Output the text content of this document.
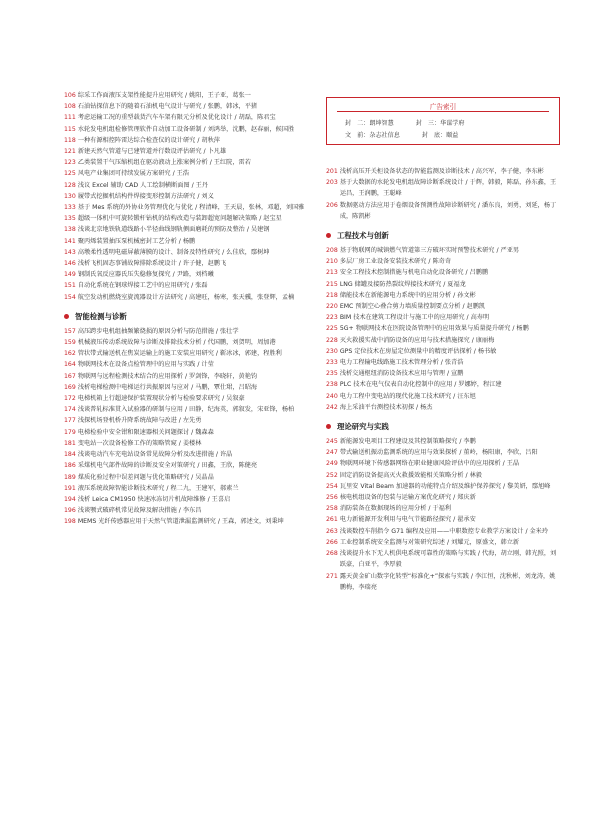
广告索引
封　二：朗坤智慧	封　三：华谋学府
文　前：杂志社信息	封　底：颐益
106 综采工作面液压支架性能提升应用研究 / 姚阳，王子亚，葛张一
108 石油钻探信息下的随着石油机电气设计与研究 / 张鹏，韩冰，平猪
111 考虑运输工况的重型载货汽车车架有限元分析及优化设计 / 胡磊，陈君宝
115 水轮发电机组检修管理软件自动加工设备研制 / 刘鸿举，沈鹏，赵春丽，候国胜
118 一种有源相控阵雷达综合检查仪的设计研究 / 胡秋萍
121 新建天然气管道与已建管道并行数设评估研究 / 卜凡雄
123 乙类装置干气压缩机组在驱动液动上涨案例分析 / 王红院，雷若
125 风电产业集团可持续发展方案研究 / 王浩
128 浅议 Excel 辅助 CAD 人工绘制横断面图 / 王丹
130 履带式挖掘机结构件焊接变形控制方法研究 / 刘义
133 基于 Mes 系统的外协业务管理优化与优化 / 程清峰，王天晨，张林，邓超，刘国雅
135 超级一体机中可旋转锻杆钻机的结构改造与装卸超宽问题解决策略 / 赵宝星
138 浅谈北京地铁轨道线路小半径曲线钢轨侧面磨耗的预防及整治 / 吴建钢
141 聚丙烯装置抽压泵机械密封工艺分析 / 杨鹏
143 高墩柔性透明电磁屏蔽薄膜的设计、制备及特性研究 / 么佳欣，鄢树坤
146 浅析飞机固态事铺故障排除系统设计 / 许子健，赵鹏飞
149 钢制氏氧反应器氏压失稳修复探究 / 尹路，刘档曦
151 自动化系统在钢球焊接工艺中的应用研究 / 张磊
154 航空发动机燃烧室旋流器设计方法研究 / 高建旺，杨寒，张天骥，张登辉，孟楠
智能检测与诊断
157 高压跨步电机组抽频繁烧损的原因分析与防范措施 / 张壮学
159 机械液压传动系统故障与诊断及排除技术分析 / 代国鹏，刘贺明，周加港
162 管状带式输送机在焦炭运输上的施工安装应用研究 / 靳冰冰，郭建，程胜利
164 物联网技术在设备点检管理中的应用与实践 / 计莹
167 物联网与远程检测技术结合的应用探析 / 罗剑锋，李晓轩，黄艳钧
169 浅析电梯检测中电梯运行共振原因与应对 / 马鹏，覃仕珺，吕昭海
172 电梯机箱上行超速保护装置现状分析与检验要求研究 / 吴叙豪
174 浅谈普轧标准贯入试验器的研制与应用 / 田静，纪海英，郭叙发，宋亚锋，杨柏
177 浅探机场登机桥升降系统故障与改进 / 左先勇
179 电梯检验中安全钳和限速器相关问题探讨 / 魏森森
181 变电站一次设备检修工作的策略管窥 / 姜楼林
184 浅谈电动汽车充电站设备常见故障分析及改进措施 / 许晶
186 采煤机电气部件故障的诊断及安全对策研究 / 田鑫，王欣，陈健亮
189 煤质化验过程中误差问题与优化策略研究 / 吴晶晶
191 液压系统故障智能诊断技术研究 / 程二九，王建军，郝素兰
194 浅析 Leica CM1950 快速冰冻切片机故障维修 / 王喜启
196 浅谈颚式破碎机常见故障及解决措施 / 李东昌
198 MEMS 光纤传感器应用于天然气管道泄漏监测研究 / 王森，郭述文，刘秉坤
201 浅析高压开关柜设备状态的智能监测及诊断技术 / 高兴军，李子健，李东彬
203 基于大数据的水轮发电机组故障诊断系统设计 / 于辉，韩毅，陈磊，孙东鑫，王运昌，王润鹏，王聪峰
206 数据驱动方法应用于卷烟设备预测性故障诊断研究 / 潘东良，刘勇，刘延，杨丁成，陈凯彬
工程技术与创新
208 基于物联网的城镇燃气管道第三方破坏实时预警技术研究 / 严亚男
210 多层厂房工业设备安装技术研究 / 陈奇奇
213 安全工程技术控制措施与机电自动化设备研究 / 吕鹏鹏
215 LNG 储罐及接防热裂纹焊接技术研究 / 夏福龙
218 储能技术在新能源电力系统中的应用分析 / 孙文彬
220 EMC 预制空心叠合剪力墙质量控制要点分析 / 赵鹏凯
223 BIM 技术在建筑工程设计与施工中的应用研究 / 高寿明
225 5G+ 物联网技术在医院设备管理中的应用效果与质量提升研究 / 杨鹏
228 灭火救援实战中消防设备的应用与技术措施探究 / 康丽梅
230 GPS 定位技术在房屋定位测量中的精度评估探析 / 杨书敏
233 电力工程输电线路施工技术管理分析 / 张青浩
235 浅析交通枢纽消防设备技术应用与管理 / 宣鹏
238 PLC 技术在电气仪表自动化控制中的应用 / 罗娜婷，程江建
240 电力工程中变电站的现代化施工技术研究 / 汪东旭
242 海上采油平台测控技术初探 / 杨杰
理论研究与实践
245 新能源发电项目工程建设及其控制策略探究 / 李鹏
247 带式输送机振动监测系统的应用与效果探析 / 董岭，杨阳康，李欣，吕阳
249 物联网环境下传感器网络在职业健康风险评估中的应用探析 / 王晶
252 固定消防设备提高灭火救援效能相关策略分析 / 林毅
254 瓦里安 Vital Beam 加速器的功能特点介绍及维护保养探究 / 黎美妍，鄢旭峰
256 核电机组设备的包装与运输方案优化研究 / 郑庆新
258 消防装备在数据现场的应用分析 / 于福利
261 电力新能源开发利用与电气节能路径探究 / 翟承安
263 浅谈数控车削指令 G71 编程及应用——中职数控专业教学方案设计 / 金米玲
266 工业控制系统安全监测与对策研究综述 / 刘耀元，原盛文，韩立新
268 浅谈提升水下无人机供电系统可靠性的策略与实践 / 代海，胡立刚，韩光照，刘跃豪，白亚平，李厚毅
271 露天黄金矿山数字化转型“标准化+”探索与实践 / 李江恒，沈秋彬，刘龙涛，姚鹏梅，李瑞亮
